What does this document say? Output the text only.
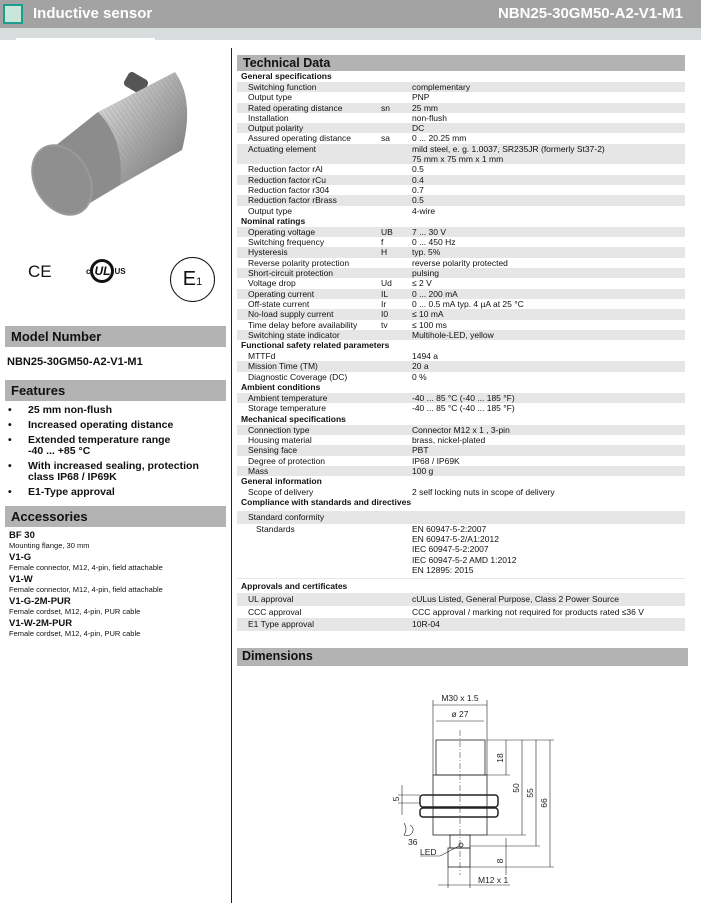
Inductive sensor	NBN25-30GM50-A2-V1-M1
CE	c UL US	E1
Model Number
NBN25-30GM50-A2-V1-M1
Features
• 25 mm non-flush
• Increased operating distance
• Extended temperature range -40 ... +85 °C
• With increased sealing, protection class IP68 / IP69K
• E1-Type approval
Accessories
BF 30
Mounting flange, 30 mm
V1-G
Female connector, M12, 4-pin, field attachable
V1-W
Female connector, M12, 4-pin, field attachable
V1-G-2M-PUR
Female cordset, M12, 4-pin, PUR cable
V1-W-2M-PUR
Female cordset, M12, 4-pin, PUR cable
Technical Data
General specifications
Switching function	complementary
Output type	PNP
Rated operating distance	sn	25 mm
Installation	non-flush
Output polarity	DC
Assured operating distance	sa	0 ... 20.25 mm
Actuating element	mild steel, e. g. 1.0037, SR235JR (formerly St37-2)
75 mm x 75 mm x 1 mm
Reduction factor rAl	0.5
Reduction factor rCu	0.4
Reduction factor r304	0.7
Reduction factor rBrass	0.5
Output type	4-wire
Nominal ratings
Operating voltage	UB	7 ... 30 V
Switching frequency	f	0 ... 450 Hz
Hysteresis	H	typ. 5%
Reverse polarity protection	reverse polarity protected
Short-circuit protection	pulsing
Voltage drop	Ud	≤ 2 V
Operating current	IL	0 ... 200 mA
Off-state current	Ir	0 ... 0.5 mA typ. 4 µA at 25 °C
No-load supply current	I0	≤ 10 mA
Time delay before availability	tv	≤ 100 ms
Switching state indicator	Multihole-LED, yellow
Functional safety related parameters
MTTFd	1494 a
Mission Time (TM)	20 a
Diagnostic Coverage (DC)	0 %
Ambient conditions
Ambient temperature	-40 ... 85 °C (-40 ... 185 °F)
Storage temperature	-40 ... 85 °C (-40 ... 185 °F)
Mechanical specifications
Connection type	Connector M12 x 1 , 3-pin
Housing material	brass, nickel-plated
Sensing face	PBT
Degree of protection	IP68 / IP69K
Mass	100 g
General information
Scope of delivery	2 self locking nuts in scope of delivery
Compliance with standards and directives
Standard conformity
Standards	EN 60947-5-2:2007
EN 60947-5-2/A1:2012
IEC 60947-5-2:2007
IEC 60947-5-2 AMD 1:2012
EN 12895: 2015
Approvals and certificates
UL approval	cULus Listed, General Purpose, Class 2 Power Source
CCC approval	CCC approval / marking not required for products rated ≤36 V
E1 Type approval	10R-04
Dimensions
M30 x 1.5
ø 27
18
50
55
66
5
8
36
LED
M12 x 1
